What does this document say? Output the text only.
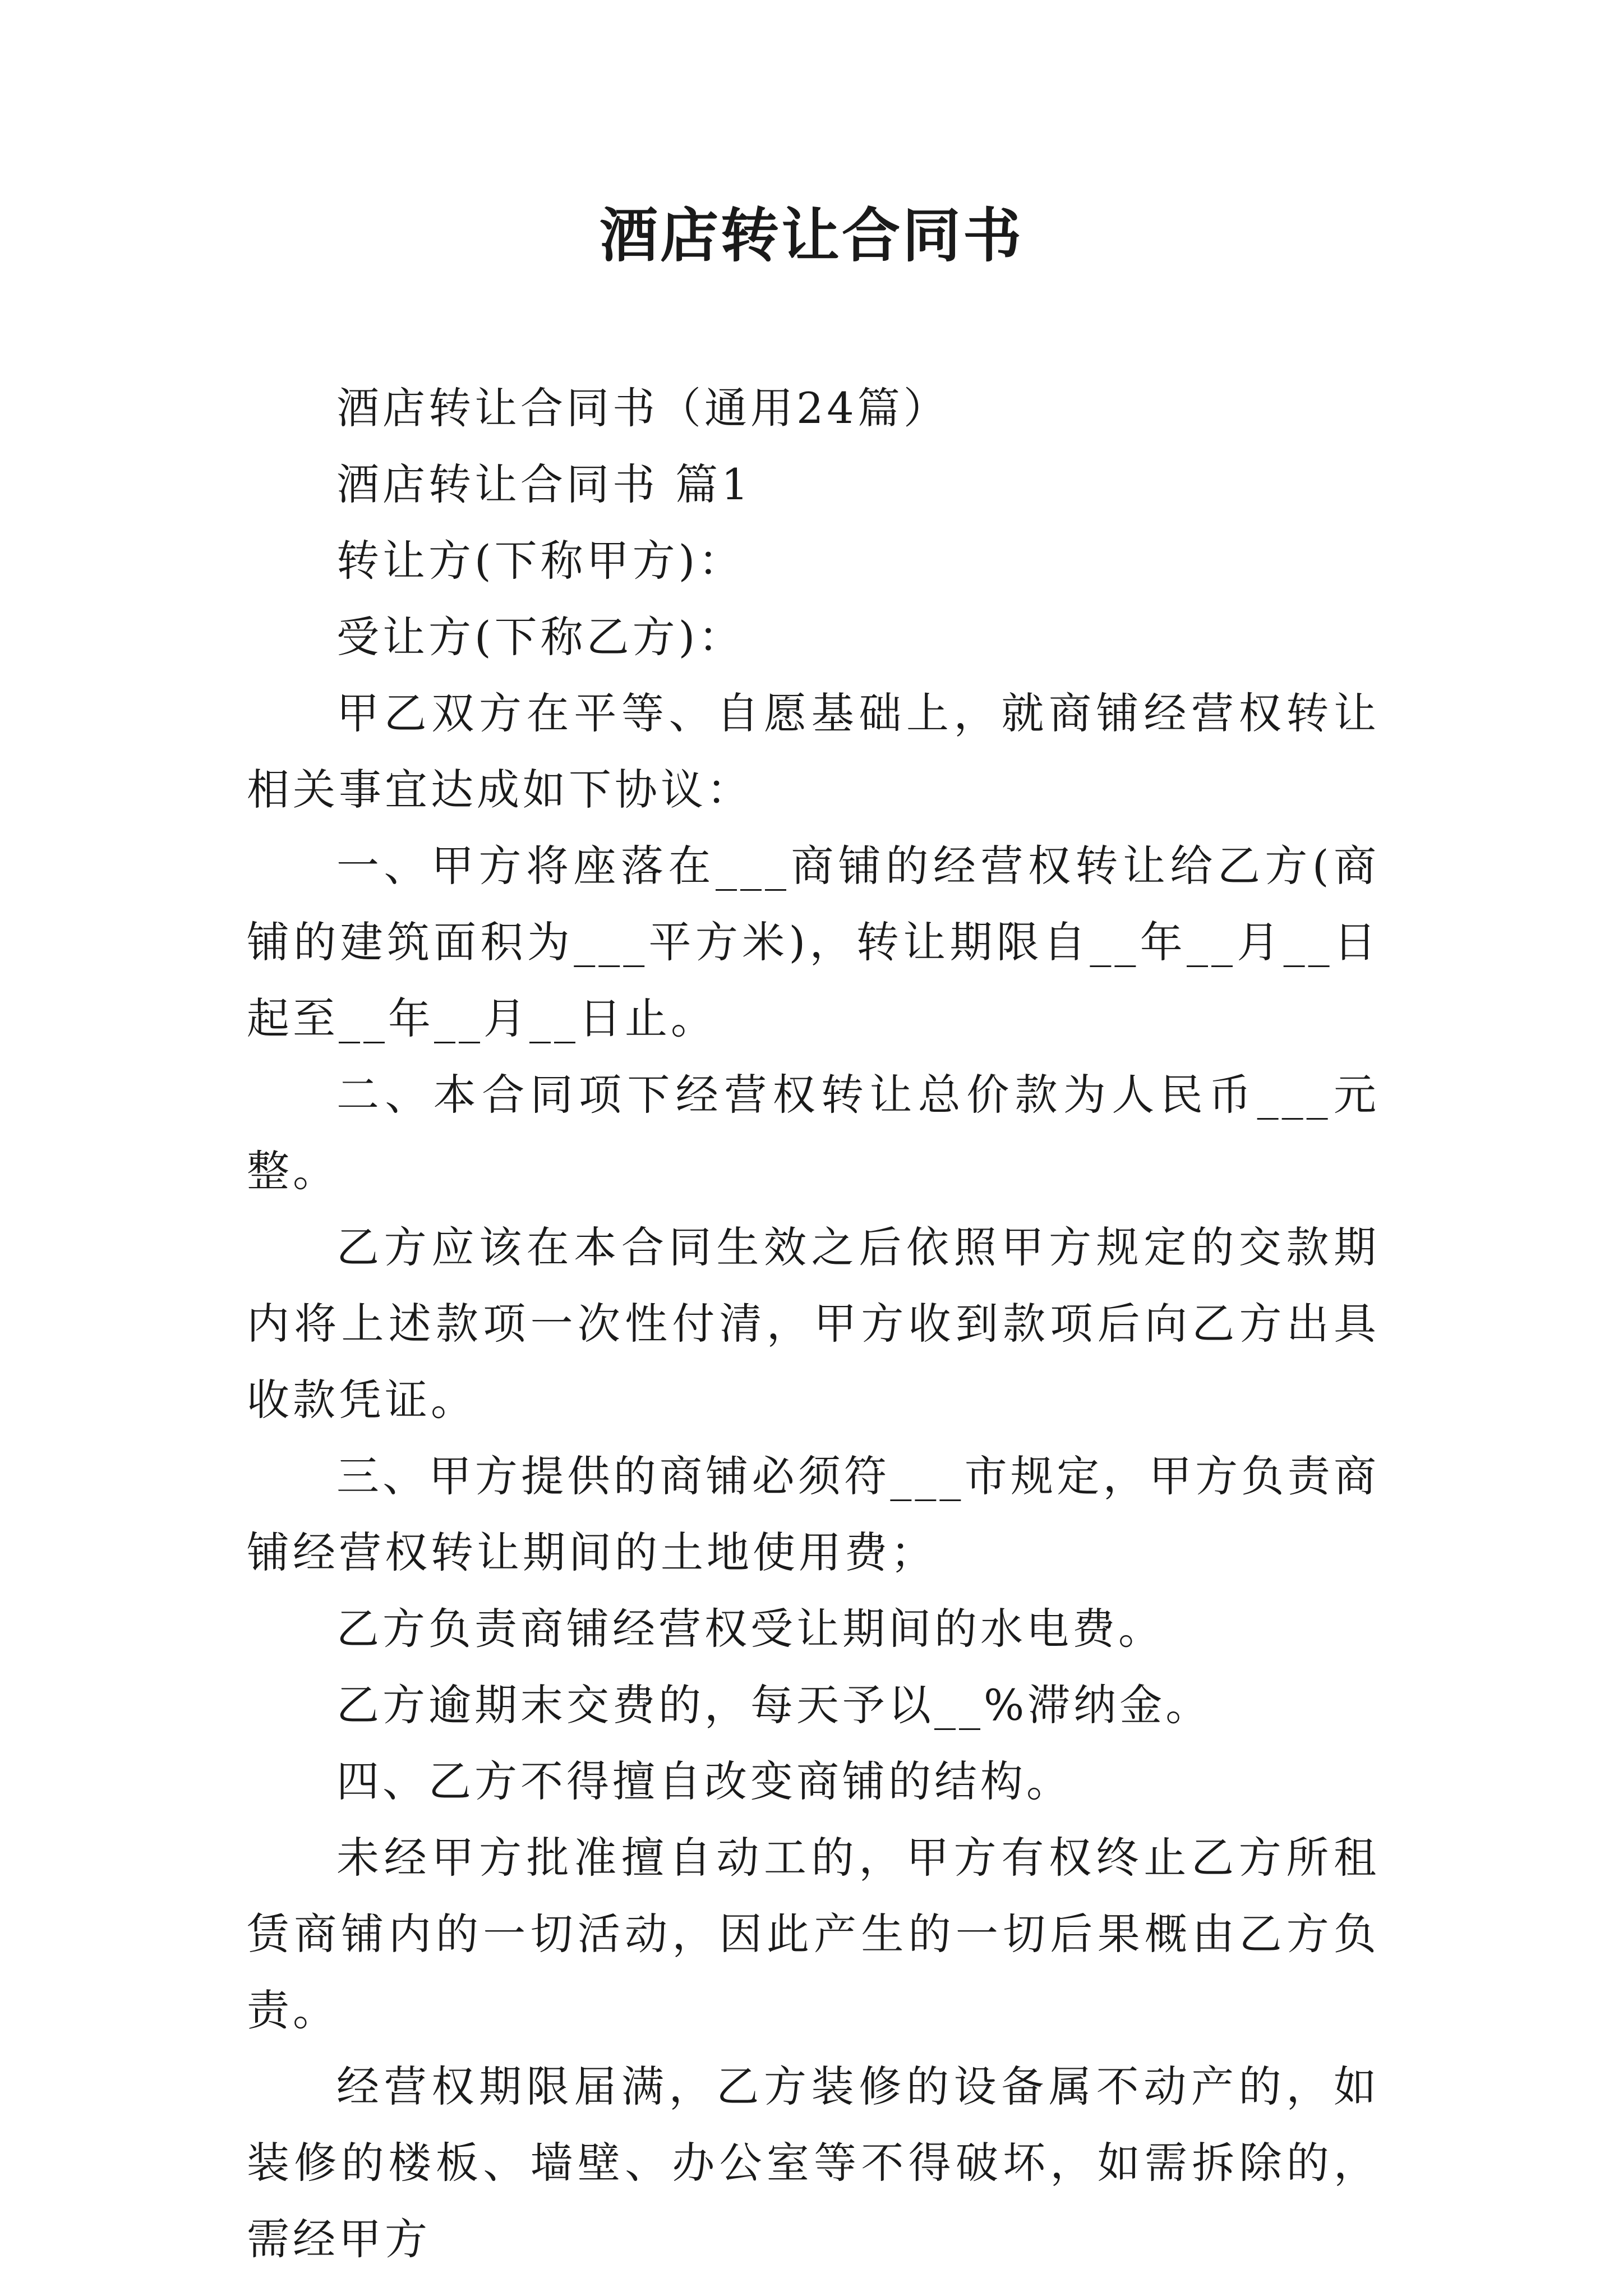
酒店转让合同书

酒店转让合同书（通用24篇）

酒店转让合同书 篇1

转让方(下称甲方)：

受让方(下称乙方)：

甲乙双方在平等、自愿基础上，就商铺经营权转让相关事宜达成如下协议：

一、甲方将座落在___商铺的经营权转让给乙方(商铺的建筑面积为___平方米)，转让期限自__年__月__日起至__年__月__日止。

二、本合同项下经营权转让总价款为人民币___元整。

乙方应该在本合同生效之后依照甲方规定的交款期内将上述款项一次性付清，甲方收到款项后向乙方出具收款凭证。

三、甲方提供的商铺必须符___市规定，甲方负责商铺经营权转让期间的土地使用费；

乙方负责商铺经营权受让期间的水电费。

乙方逾期末交费的，每天予以__%滞纳金。

四、乙方不得擅自改变商铺的结构。

未经甲方批准擅自动工的，甲方有权终止乙方所租赁商铺内的一切活动，因此产生的一切后果概由乙方负责。

经营权期限届满，乙方装修的设备属不动产的，如装修的楼板、墙壁、办公室等不得破坏，如需拆除的，需经甲方
